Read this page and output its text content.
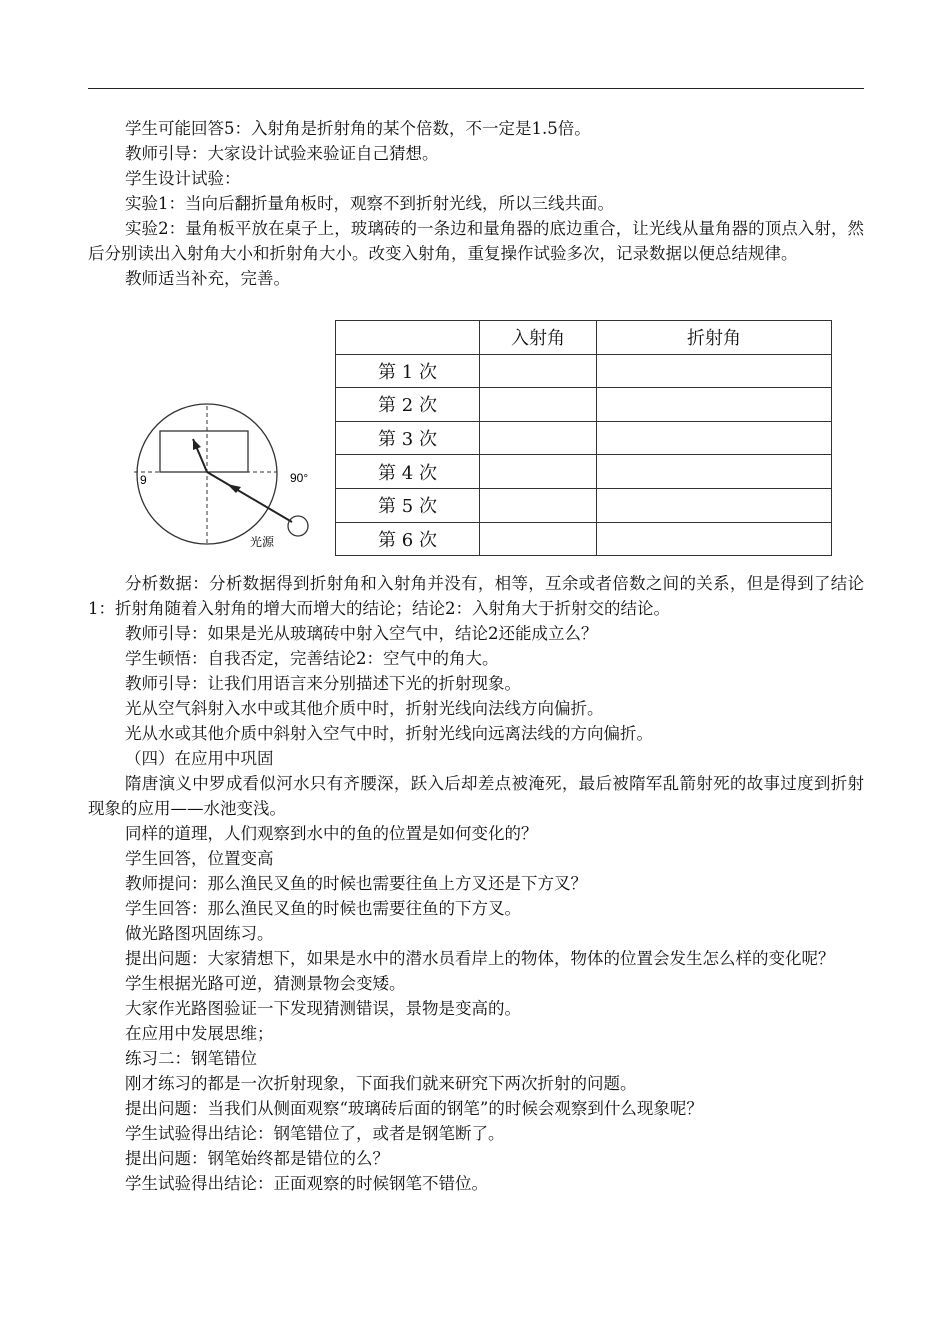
学生可能回答5：入射角是折射角的某个倍数，不一定是1.5倍。

教师引导：大家设计试验来验证自己猜想。

学生设计试验：

实验1：当向后翻折量角板时，观察不到折射光线，所以三线共面。

实验2：量角板平放在桌子上，玻璃砖的一条边和量角器的底边重合，让光线从量角器的顶点入射，然后分别读出入射角大小和折射角大小。改变入射角，重复操作试验多次，记录数据以便总结规律。

教师适当补充，完善。

9	90°
光源
	入射角	折射角
第 1 次		
第 2 次		
第 3 次		
第 4 次		
第 5 次		
第 6 次		

分析数据：分析数据得到折射角和入射角并没有，相等，互余或者倍数之间的关系，但是得到了结论1：折射角随着入射角的增大而增大的结论；结论2：入射角大于折射交的结论。

教师引导：如果是光从玻璃砖中射入空气中，结论2还能成立么？

学生顿悟：自我否定，完善结论2：空气中的角大。

教师引导：让我们用语言来分别描述下光的折射现象。

光从空气斜射入水中或其他介质中时，折射光线向法线方向偏折。

光从水或其他介质中斜射入空气中时，折射光线向远离法线的方向偏折。

（四）在应用中巩固

隋唐演义中罗成看似河水只有齐腰深，跃入后却差点被淹死，最后被隋军乱箭射死的故事过度到折射现象的应用——水池变浅。

同样的道理，人们观察到水中的鱼的位置是如何变化的？

学生回答，位置变高

教师提问：那么渔民叉鱼的时候也需要往鱼上方叉还是下方叉？

学生回答：那么渔民叉鱼的时候也需要往鱼的下方叉。

做光路图巩固练习。

提出问题：大家猜想下，如果是水中的潜水员看岸上的物体，物体的位置会发生怎么样的变化呢？

学生根据光路可逆，猜测景物会变矮。

大家作光路图验证一下发现猜测错误，景物是变高的。

在应用中发展思维；

练习二：钢笔错位

刚才练习的都是一次折射现象，下面我们就来研究下两次折射的问题。

提出问题：当我们从侧面观察“玻璃砖后面的钢笔”的时候会观察到什么现象呢？

学生试验得出结论：钢笔错位了，或者是钢笔断了。

提出问题：钢笔始终都是错位的么？

学生试验得出结论：正面观察的时候钢笔不错位。
